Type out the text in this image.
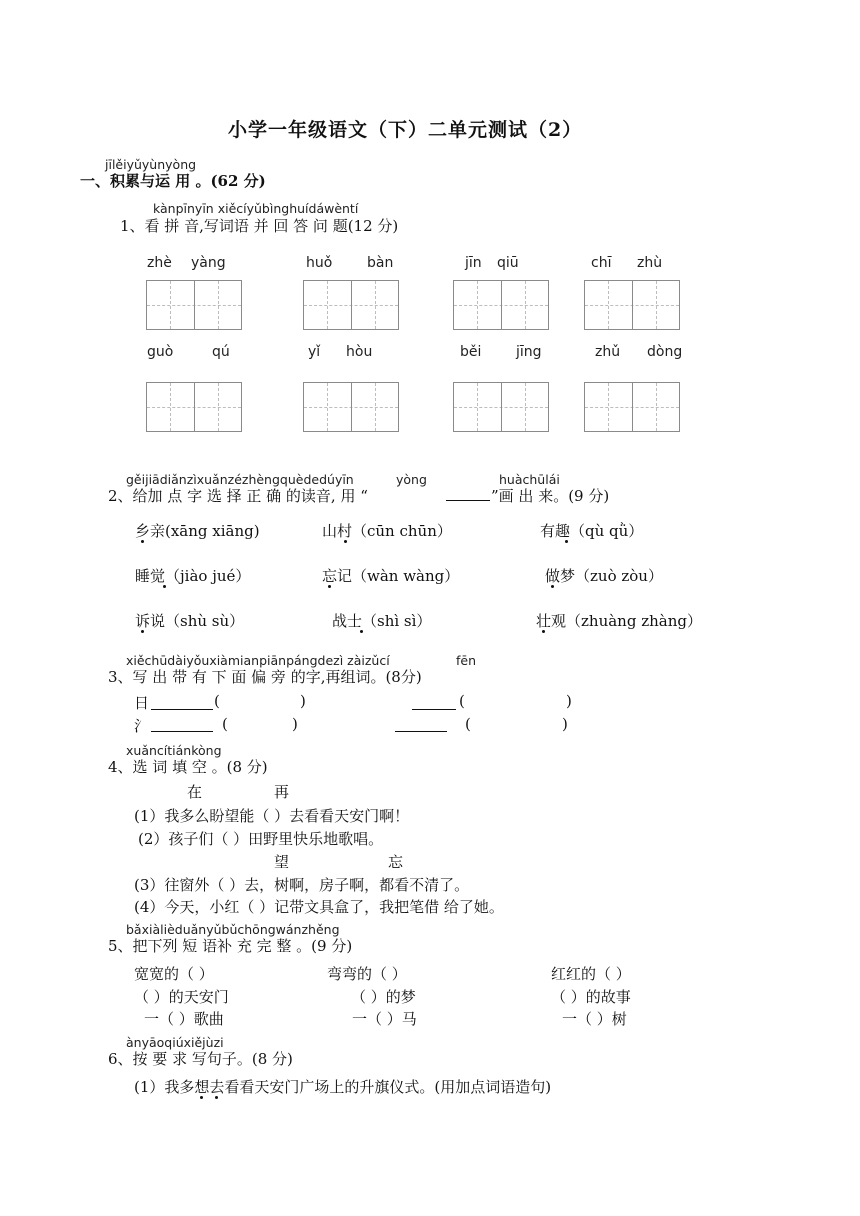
小学一年级语文（下）二单元测试（2）
jīlěiyǔyùnyòng
一、积累与运 用 。(62 分)
kànpīnyīn xiěcíyǔbìnghuídáwèntí
1、看 拼 音,写词语 并 回 答 问 题(12 分)
zhè yàng	huǒ bàn	jīn qiū	chī zhù
guò	qú	yǐ hòu	běi jīng	zhǔ dòng
gěijiādiǎnzìxuǎnzézhèngquèdedúyīn	yòng	huàchūlái
2、给加 点 字 选 择 正 确 的读音, 用 “	”画 出 来。(9 分)
乡亲(xāng xiāng)	山村（cūn chūn）	有趣（qù qǜ）
睡觉（jiào jué）	忘记（wàn wàng）	做梦（zuò zòu）
诉说（shù sù）	战士（shì sì）	壮观（zhuàng zhàng）
xiěchūdàiyǒuxiàmianpiānpángdezì zàizǔcí	fēn
3、写 出 带 有 下 面 偏 旁 的字,再组词。(8分)
日	(	)	(	)
氵	(	)	(	)
xuǎncítiánkòng
4、选 词 填 空 。(8 分)
在	再
(1）我多么盼望能（ ）去看看天安门啊！
(2）孩子们（ ）田野里快乐地歌唱。
望	忘
(3）往窗外（ ）去，树啊，房子啊，都看不清了。
(4）今天，小红（ ）记带文具盒了，我把笔借 给了她。
bǎxiàlièduǎnyǔbǔchōngwánzhěng
5、把下列 短 语补 充 完 整 。(9 分)
宽宽的（ ）	弯弯的（ ）	红红的（ ）
（ ）的天安门	（ ）的梦	（ ）的故事
一（ ）歌曲	一（ ）马	一（ ）树
ànyāoqiúxiějùzi
6、按 要 求 写句子。(8 分)
(1）我多想去看看天安门广场上的升旗仪式。(用加点词语造句)
